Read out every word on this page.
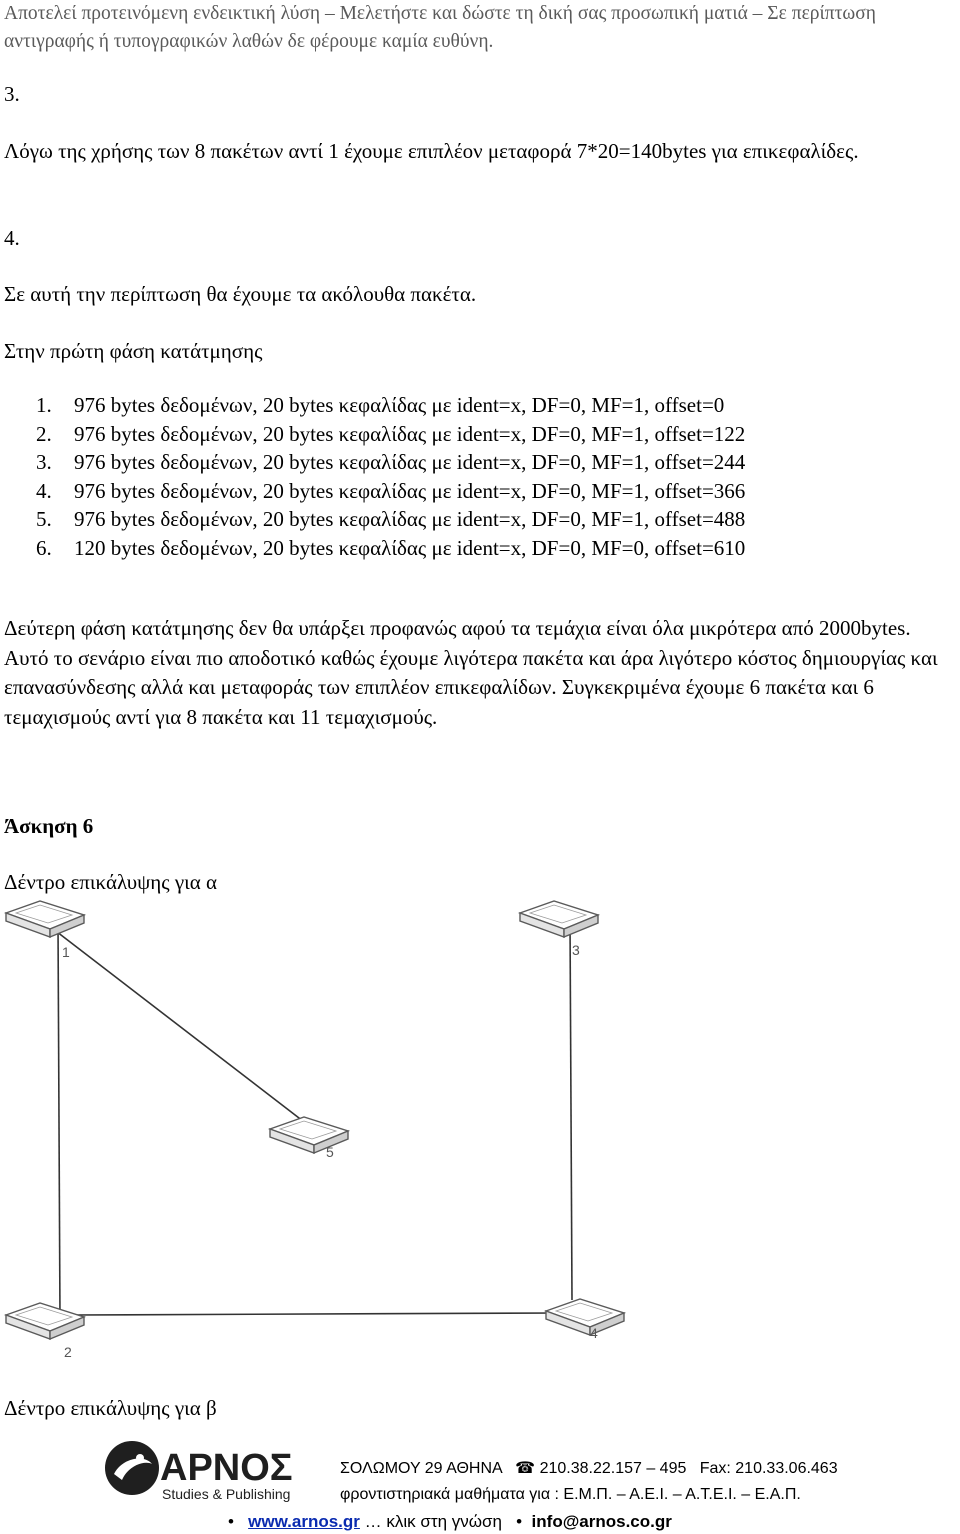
Αποτελεί προτεινόμενη ενδεικτική λύση – Μελετήστε και δώστε τη δική σας προσωπική ματιά – Σε περίπτωση αντιγραφής ή τυπογραφικών λαθών δε φέρουμε καμία ευθύνη.
3.
Λόγω της χρήσης των 8 πακέτων αντί 1 έχουμε επιπλέον μεταφορά 7*20=140bytes για επικεφαλίδες.
4.
Σε αυτή την περίπτωση θα έχουμε τα ακόλουθα πακέτα.
Στην πρώτη φάση κατάτμησης
1. 976 bytes δεδομένων, 20 bytes κεφαλίδας με ident=x, DF=0, MF=1, offset=0
2. 976 bytes δεδομένων, 20 bytes κεφαλίδας με ident=x, DF=0, MF=1, offset=122
3. 976 bytes δεδομένων, 20 bytes κεφαλίδας με ident=x, DF=0, MF=1, offset=244
4. 976 bytes δεδομένων, 20 bytes κεφαλίδας με ident=x, DF=0, MF=1, offset=366
5. 976 bytes δεδομένων, 20 bytes κεφαλίδας με ident=x, DF=0, MF=1, offset=488
6. 120 bytes δεδομένων, 20 bytes κεφαλίδας με ident=x, DF=0, MF=0, offset=610
Δεύτερη φάση κατάτμησης δεν θα υπάρξει προφανώς αφού τα τεμάχια είναι όλα μικρότερα από 2000bytes. Αυτό το σενάριο είναι πιο αποδοτικό καθώς έχουμε λιγότερα πακέτα και άρα λιγότερο κόστος δημιουργίας και επανασύνδεσης αλλά και μεταφοράς των επιπλέον επικεφαλίδων. Συγκεκριμένα έχουμε 6 πακέτα και 6 τεμαχισμούς αντί για 8 πακέτα και 11 τεμαχισμούς.
Άσκηση 6
Δέντρο επικάλυψης για α
1	3
5
2
4
Δέντρο επικάλυψης για β
ΑΡΝΟΣ
Studies & Publishing
ΣΟΛΩΜΟΥ 29 ΑΘΗΝΑ ☎ 210.38.22.157 – 495 Fax: 210.33.06.463
φροντιστηριακά μαθήματα για : Ε.Μ.Π. – Α.Ε.Ι. – Α.Τ.Ε.Ι. – Ε.Α.Π.
• www.arnos.gr … κλικ στη γνώση • info@arnos.co.gr
